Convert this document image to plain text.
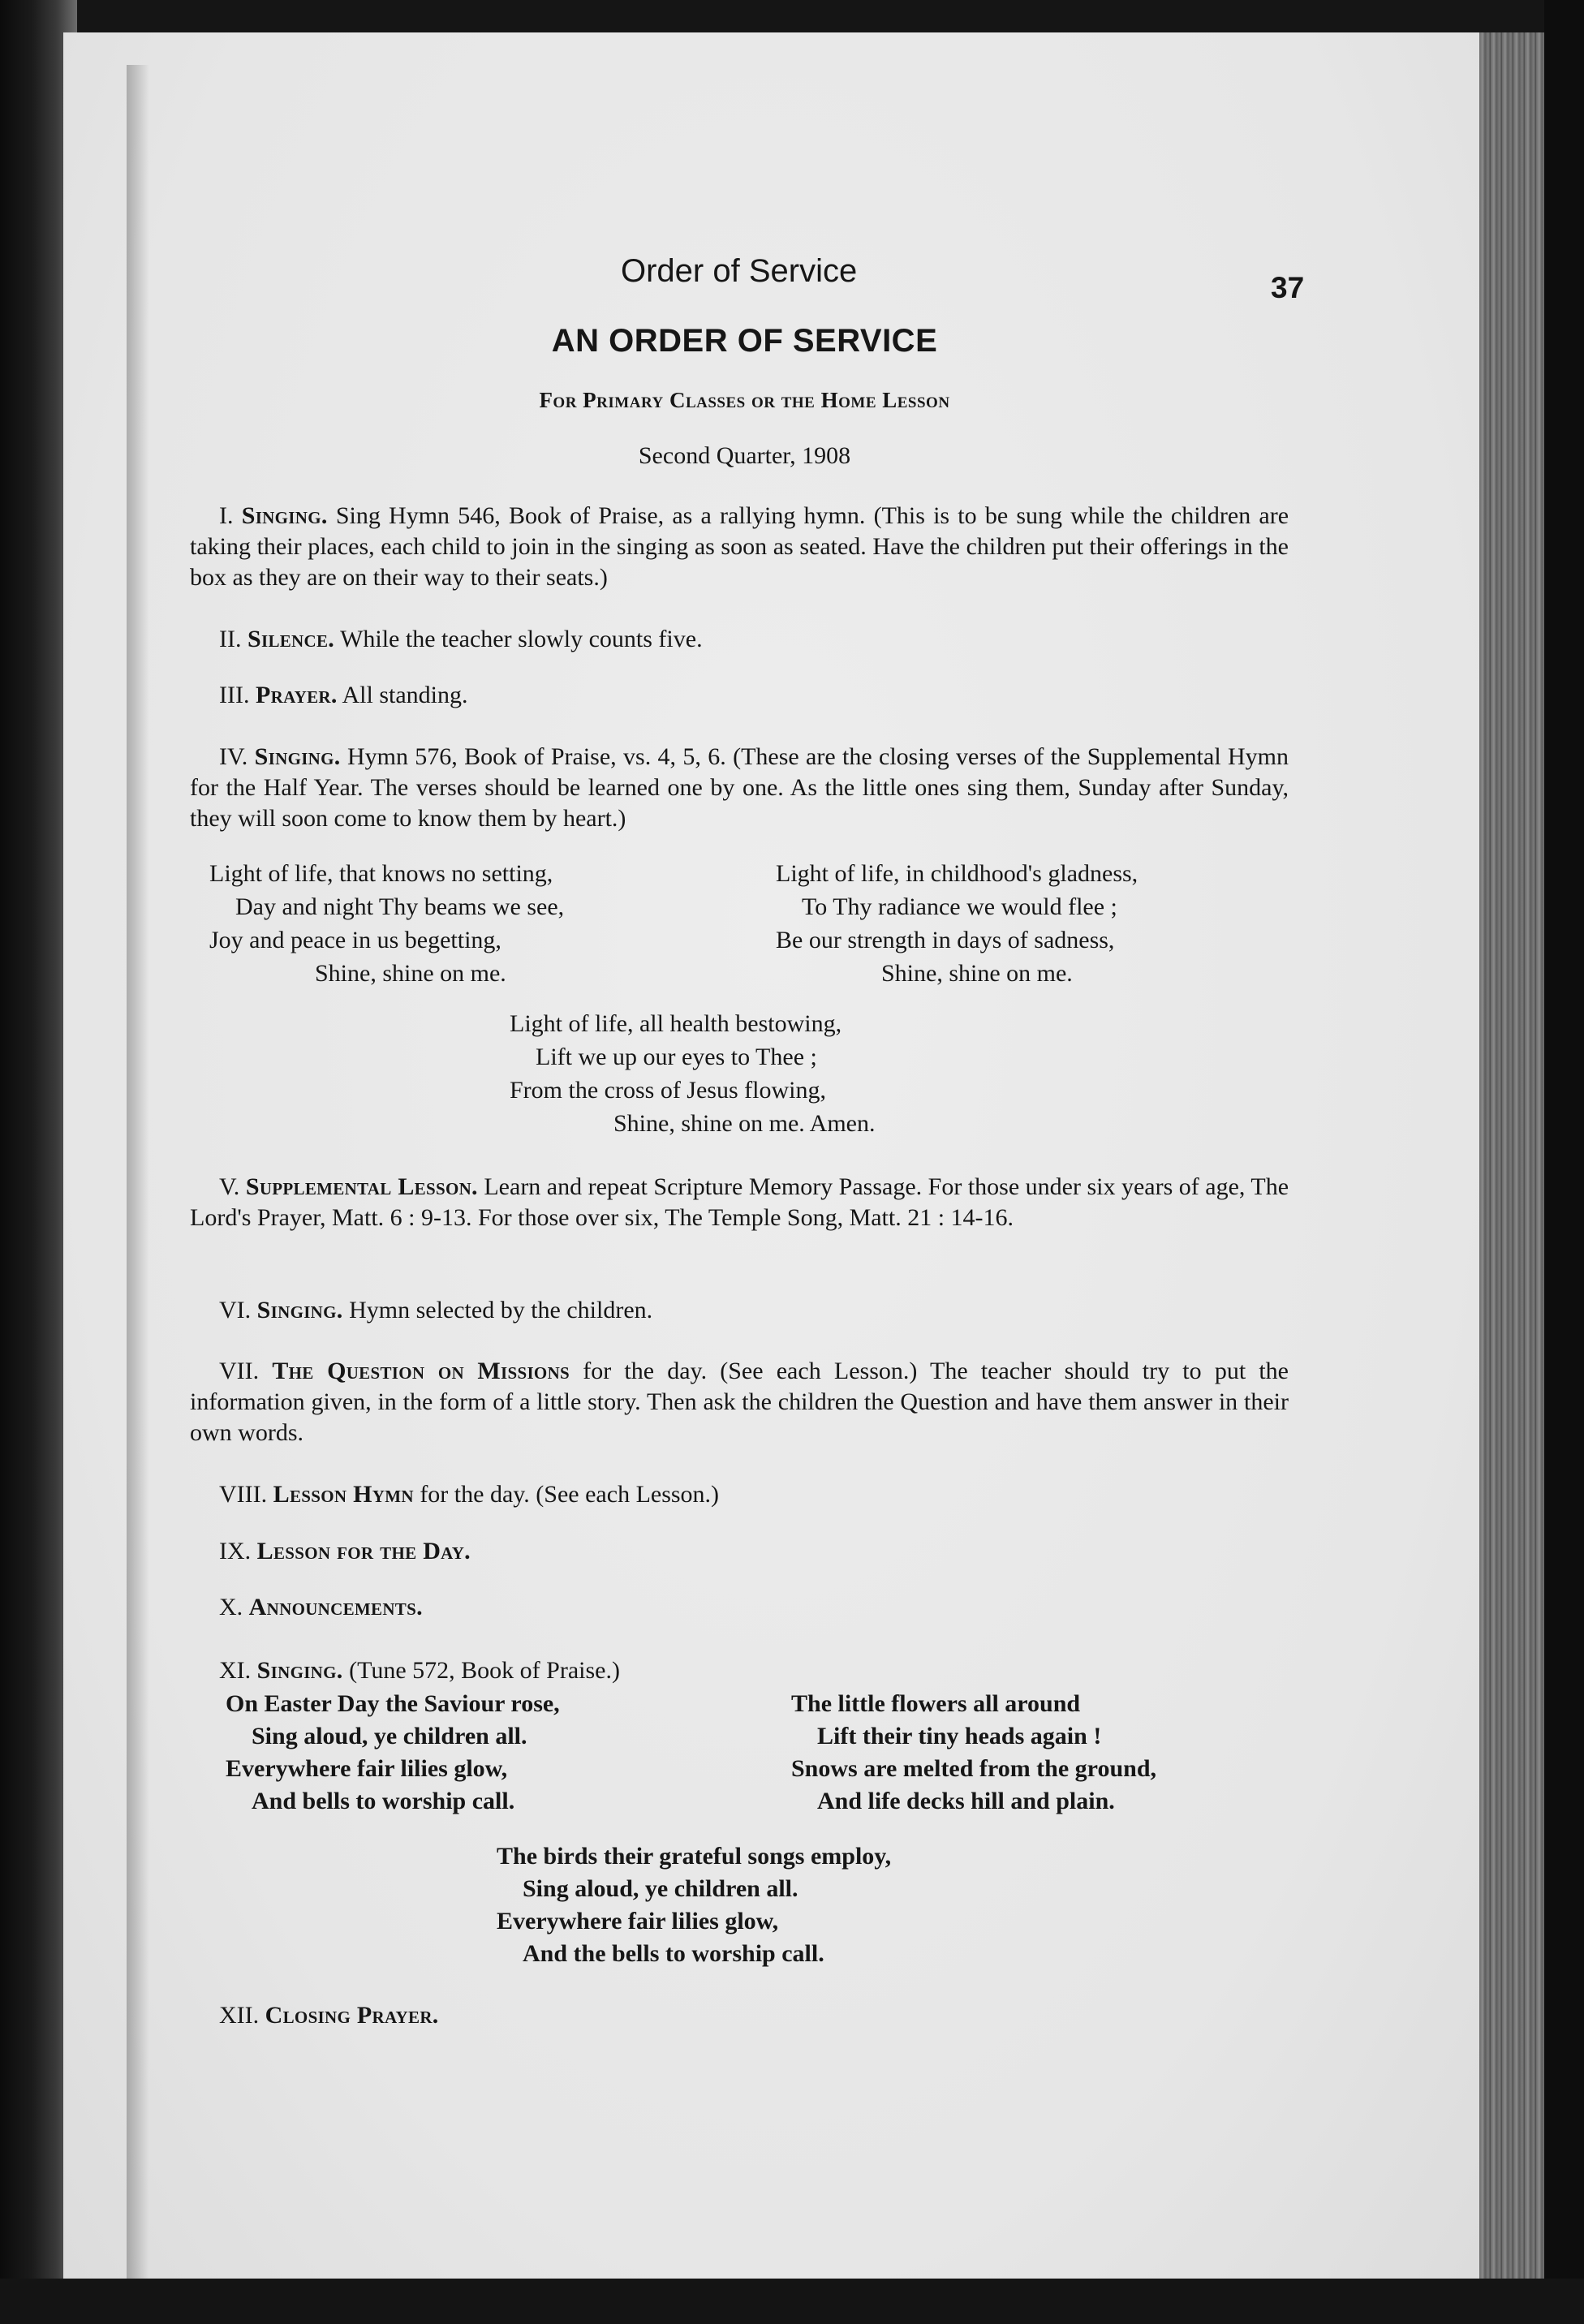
Order of Service	37
AN ORDER OF SERVICE
For Primary Classes or the Home Lesson
Second Quarter, 1908
I. Singing. Sing Hymn 546, Book of Praise, as a rallying hymn. (This is to be sung while the children are taking their places, each child to join in the singing as soon as seated. Have the children put their offerings in the box as they are on their way to their seats.)
II. Silence. While the teacher slowly counts five.
III. Prayer. All standing.
IV. Singing. Hymn 576, Book of Praise, vs. 4, 5, 6. (These are the closing verses of the Supplemental Hymn for the Half Year. The verses should be learned one by one. As the little ones sing them, Sunday after Sunday, they will soon come to know them by heart.)
Light of life, that knows no setting,
Day and night Thy beams we see,
Joy and peace in us begetting,
Shine, shine on me.
Light of life, in childhood's gladness,
To Thy radiance we would flee ;
Be our strength in days of sadness,
Shine, shine on me.
Light of life, all health bestowing,
Lift we up our eyes to Thee ;
From the cross of Jesus flowing,
Shine, shine on me. Amen.
V. Supplemental Lesson. Learn and repeat Scripture Memory Passage. For those under six years of age, The Lord's Prayer, Matt. 6 : 9-13. For those over six, The Temple Song, Matt. 21 : 14-16.
VI. Singing. Hymn selected by the children.
VII. The Question on Missions for the day. (See each Lesson.) The teacher should try to put the information given, in the form of a little story. Then ask the children the Question and have them answer in their own words.
VIII. Lesson Hymn for the day. (See each Lesson.)
IX. Lesson for the Day.
X. Announcements.
XI. Singing. (Tune 572, Book of Praise.)
On Easter Day the Saviour rose,
Sing aloud, ye children all.
Everywhere fair lilies glow,
And bells to worship call.
The little flowers all around
Lift their tiny heads again !
Snows are melted from the ground,
And life decks hill and plain.
The birds their grateful songs employ,
Sing aloud, ye children all.
Everywhere fair lilies glow,
And the bells to worship call.
XII. Closing Prayer.
